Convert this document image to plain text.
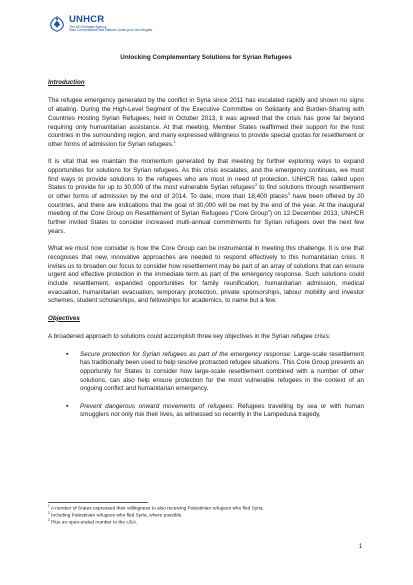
UNHCR
The UN Refugee Agency
Haut Commissariat des Nations Unies pour les réfugiés
Unlocking Complementary Solutions for Syrian Refugees
Introduction

The refugee emergency generated by the conflict in Syria since 2011 has escalated rapidly and shown no signs of abating. During the High-Level Segment of the Executive Committee on Solidarity and Burden-Sharing with Countries Hosting Syrian Refugees, held in October 2013, it was agreed that the crisis has gone far beyond requiring only humanitarian assistance. At that meeting, Member States reaffirmed their support for the host countries in the surrounding region, and many expressed willingness to provide special quotas for resettlement or other forms of admission for Syrian refugees.$^1$

It is vital that we maintain the momentum generated by that meeting by further exploring ways to expand opportunities for solutions for Syrian refugees. As this crisis escalates, and the emergency continues, we must find ways to provide solutions to the refugees who are most in need of protection. UNHCR has called upon States to provide for up to 30,000 of the most vulnerable Syrian refugees$^2$ to find solutions through resettlement or other forms of admission by the end of 2014. To date, more than 18,400 places$^3$ have been offered by 20 countries, and there are indications that the goal of 30,000 will be met by the end of the year. At the inaugural meeting of the Core Group on Resettlement of Syrian Refugees (“Core Group”) on 12 December 2013, UNHCR further invited States to consider increased multi-annual commitments for Syrian refugees over the next few years.

What we must now consider is how the Core Group can be instrumental in meeting this challenge. It is one that recognises that new, innovative approaches are needed to respond effectively to this humanitarian crisis. It invites us to broaden our focus to consider how resettlement may be part of an array of solutions that can ensure urgent and effective protection in the immediate term as part of the emergency response. Such solutions could include resettlement, expanded opportunities for family reunification, humanitarian admission, medical evacuation, humanitarian evacuation, temporary protection, private sponsorships, labour mobility and investor schemes, student scholarships, and fellowships for academics, to name but a few.

Objectives

A broadened approach to solutions could accomplish three key objectives in the Syrian refugee crisis:

▪ Secure protection for Syrian refugees as part of the emergency response: Large-scale resettlement has traditionally been used to help resolve protracted refugee situations. This Core Group presents an opportunity for States to consider how large-scale resettlement combined with a number of other solutions, can also help ensure protection for the most vulnerable refugees in the context of an ongoing conflict and humanitarian emergency.
▪ Prevent dangerous onward movements of refugees: Refugees travelling by sea or with human smugglers not only risk their lives, as witnessed so recently in the Lampedusa tragedy,
$^1$ A number of States expressed their willingness to also receiving Palestinian refugees who fled Syria.
$^2$ Including Palestinian refugees who fled Syria, where possible.
$^3$ Plus an open-ended number to the USA.
1
